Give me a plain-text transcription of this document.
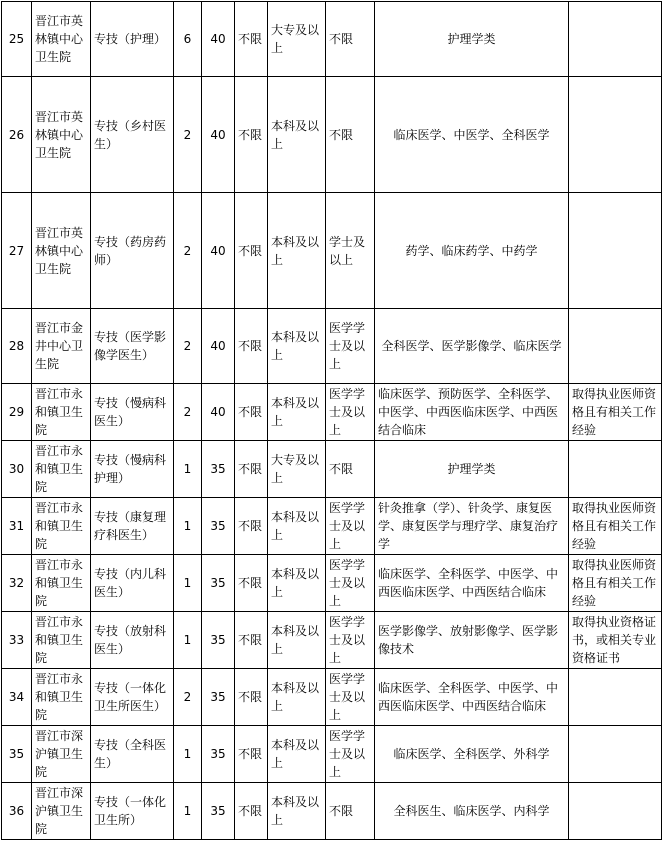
25	晋江市英林镇中心卫生院	专技（护理）	6	40	不限	大专及以上	不限	护理学类	
26	晋江市英林镇中心卫生院	专技（乡村医生）	2	40	不限	本科及以上	不限	临床医学、中医学、全科医学	
27	晋江市英林镇中心卫生院	专技（药房药师）	2	40	不限	本科及以上	学士及以上	药学、临床药学、中药学	
28	晋江市金井中心卫生院	专技（医学影像学医生）	2	40	不限	本科及以上	医学学士及以上	全科医学、医学影像学、临床医学	
29	晋江市永和镇卫生院	专技（慢病科医生）	2	40	不限	本科及以上	医学学士及以上	临床医学、预防医学、全科医学、中医学、中西医临床医学、中西医结合临床	取得执业医师资格且有相关工作经验
30	晋江市永和镇卫生院	专技（慢病科护理）	1	35	不限	大专及以上	不限	护理学类	
31	晋江市永和镇卫生院	专技（康复理疗科医生）	1	35	不限	本科及以上	医学学士及以上	针灸推拿（学）、针灸学、康复医学、康复医学与理疗学、康复治疗学	取得执业医师资格且有相关工作经验
32	晋江市永和镇卫生院	专技（内儿科医生）	1	35	不限	本科及以上	医学学士及以上	临床医学、全科医学、中医学、中西医临床医学、中西医结合临床	取得执业医师资格且有相关工作经验
33	晋江市永和镇卫生院	专技（放射科医生）	1	35	不限	本科及以上	医学学士及以上	医学影像学、放射影像学、医学影像技术	取得执业资格证书，或相关专业资格证书
34	晋江市永和镇卫生院	专技（一体化卫生所医生）	2	35	不限	本科及以上	医学学士及以上	临床医学、全科医学、中医学、中西医临床医学、中西医结合临床	
35	晋江市深沪镇卫生院	专技（全科医生）	1	35	不限	本科及以上	医学学士及以上	临床医学、全科医学、外科学	
36	晋江市深沪镇卫生院	专技（一体化卫生所）	1	35	不限	本科及以上	不限	全科医生、临床医学、内科学	
